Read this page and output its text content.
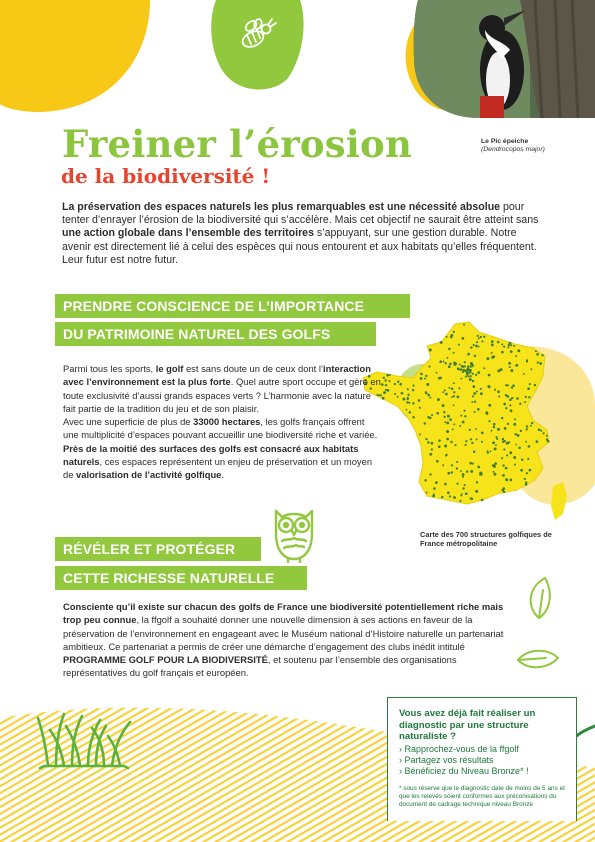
Le Pic épeiche
(Dendrocopos major)
Freiner l’érosion
de la biodiversité !

La préservation des espaces naturels les plus remarquables est une nécessité absolue pour tenter d’enrayer l’érosion de la biodiversité qui s’accélère. Mais cet objectif ne saurait être atteint sans une action globale dans l’ensemble des territoires s’appuyant, sur une gestion durable. Notre avenir est directement lié à celui des espèces qui nous entourent et aux habitats qu’elles fréquentent. Leur futur est notre futur.

PRENDRE CONSCIENCE DE L’IMPORTANCE
DU PATRIMOINE NATUREL DES GOLFS
Carte des 700 structures golfiques de France métropolitaine

Parmi tous les sports, le golf est sans doute un de ceux dont l’interaction avec l’environnement est la plus forte. Quel autre sport occupe et gère en toute exclusivité d’aussi grands espaces verts ? L’harmonie avec la nature fait partie de la tradition du jeu et de son plaisir.

Avec une superficie de plus de 33000 hectares, les golfs français offrent une multiplicité d’espaces pouvant accueillir une biodiversité riche et variée. Près de la moitié des surfaces des golfs est consacré aux habitats naturels, ces espaces représentent un enjeu de préservation et un moyen de valorisation de l’activité golfique.

RÉVÉLER ET PROTÉGER
CETTE RICHESSE NATURELLE

Consciente qu’il existe sur chacun des golfs de France une biodiversité potentiellement riche mais trop peu connue, la ffgolf a souhaité donner une nouvelle dimension à ses actions en faveur de la préservation de l’environnement en engageant avec le Muséum national d’Histoire naturelle un partenariat ambitieux. Ce partenariat a permis de créer une démarche d’engagement des clubs inédit intitulé PROGRAMME GOLF POUR LA BIODIVERSITÉ, et soutenu par l’ensemble des organisations représentatives du golf français et européen.

Vous avez déjà fait réaliser un diagnostic par une structure naturaliste ?
› Rapprochez-vous de la ffgolf
› Partagez vos résultats
› Bénéficiez du Niveau Bronze* !
* sous réserve que le diagnostic date de moins de 5 ans et que les relevés soient conformes aux préconisations du document de cadrage technique niveau Bronze
